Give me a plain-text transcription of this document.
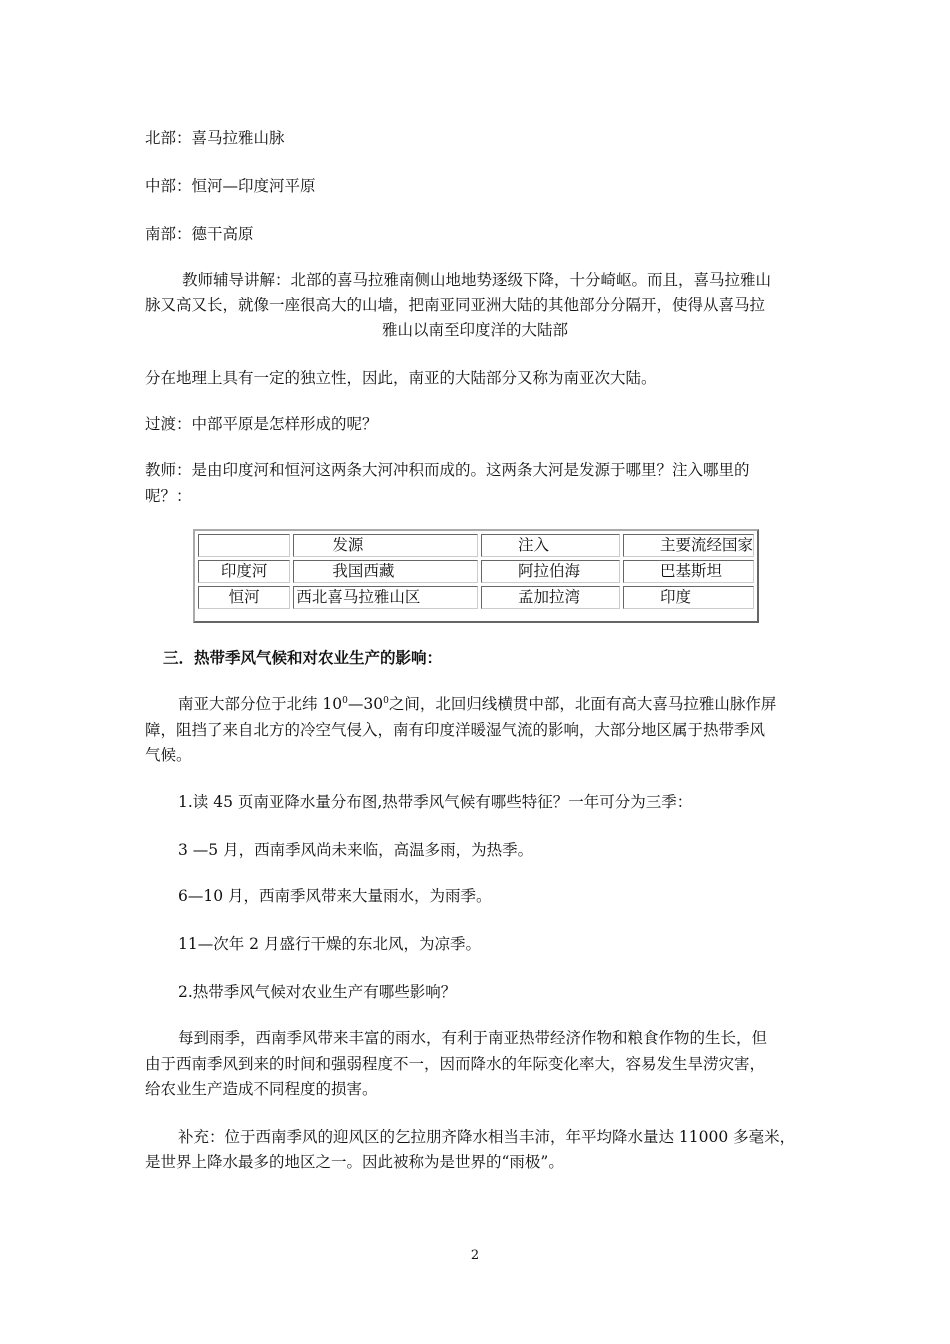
北部：喜马拉雅山脉
中部：恒河—印度河平原
南部：德干高原
教师辅导讲解：北部的喜马拉雅南侧山地地势逐级下降，十分崎岖。而且，喜马拉雅山
脉又高又长，就像一座很高大的山墙，把南亚同亚洲大陆的其他部分分隔开，使得从喜马拉
雅山以南至印度洋的大陆部
分在地理上具有一定的独立性，因此，南亚的大陆部分又称为南亚次大陆。
过渡：中部平原是怎样形成的呢？
教师：是由印度河和恒河这两条大河冲积而成的。这两条大河是发源于哪里？注入哪里的
呢？：
	发源	注入	主要流经国家
印度河	我国西藏	阿拉伯海	巴基斯坦
恒河	西北喜马拉雅山区	孟加拉湾	印度
三．热带季风气候和对农业生产的影响：
南亚大部分位于北纬 $10^0—30^0$之间，北回归线横贯中部，北面有高大喜马拉雅山脉作屏
障，阻挡了来自北方的冷空气侵入，南有印度洋暖湿气流的影响，大部分地区属于热带季风
气候。
1.读 45 页南亚降水量分布图,热带季风气候有哪些特征？一年可分为三季：
3 —5 月，西南季风尚未来临，高温多雨，为热季。
6—10 月，西南季风带来大量雨水，为雨季。
11—次年 2 月盛行干燥的东北风，为凉季。
2.热带季风气候对农业生产有哪些影响？
每到雨季，西南季风带来丰富的雨水，有利于南亚热带经济作物和粮食作物的生长，但
由于西南季风到来的时间和强弱程度不一，因而降水的年际变化率大，容易发生旱涝灾害，
给农业生产造成不同程度的损害。
补充：位于西南季风的迎风区的乞拉朋齐降水相当丰沛，年平均降水量达 11000 多毫米，
是世界上降水最多的地区之一。因此被称为是世界的“雨极”。
2
